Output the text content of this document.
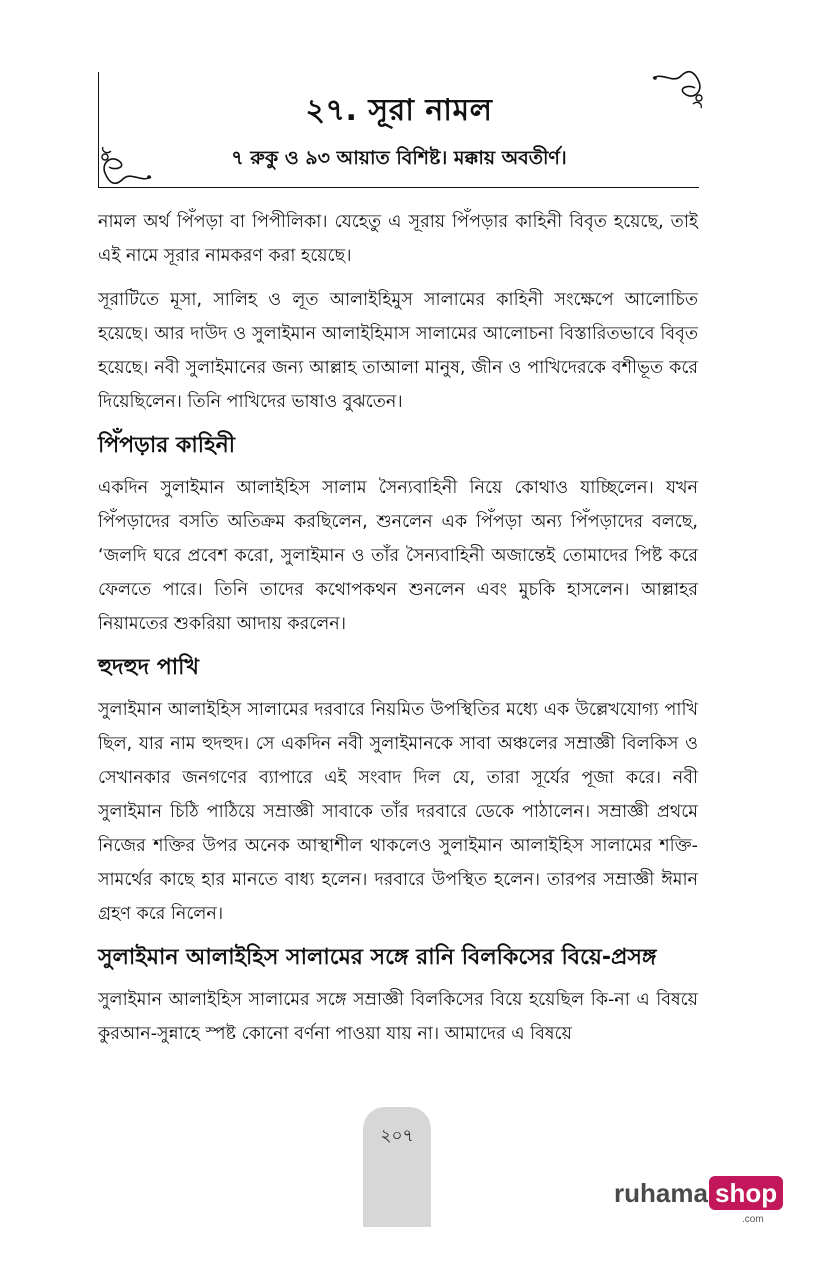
২৭. সূরা নামল
৭ রুকু ও ৯৩ আয়াত বিশিষ্ট। মক্কায় অবতীর্ণ।

নামল অর্থ পিঁপড়া বা পিপীলিকা। যেহেতু এ সূরায় পিঁপড়ার কাহিনী বিবৃত হয়েছে, তাই এই নামে সূরার নামকরণ করা হয়েছে।

সূরাটিতে মূসা, সালিহ ও লূত আলাইহিমুস সালামের কাহিনী সংক্ষেপে আলোচিত হয়েছে। আর দাউদ ও সুলাইমান আলাইহিমাস সালামের আলোচনা বিস্তারিতভাবে বিবৃত হয়েছে। নবী সুলাইমানের জন্য আল্লাহ তাআলা মানুষ, জীন ও পাখিদেরকে বশীভূত করে দিয়েছিলেন। তিনি পাখিদের ভাষাও বুঝতেন।

পিঁপড়ার কাহিনী

একদিন সুলাইমান আলাইহিস সালাম সৈন্যবাহিনী নিয়ে কোথাও যাচ্ছিলেন। যখন পিঁপড়াদের বসতি অতিক্রম করছিলেন, শুনলেন এক পিঁপড়া অন্য পিঁপড়াদের বলছে, ‘জলদি ঘরে প্রবেশ করো, সুলাইমান ও তাঁর সৈন্যবাহিনী অজান্তেই তোমাদের পিষ্ট করে ফেলতে পারে। তিনি তাদের কথোপকথন শুনলেন এবং মুচকি হাসলেন। আল্লাহর নিয়ামতের শুকরিয়া আদায় করলেন।

হুদহুদ পাখি

সুলাইমান আলাইহিস সালামের দরবারে নিয়মিত উপস্থিতির মধ্যে এক উল্লেখযোগ্য পাখি ছিল, যার নাম হুদহুদ। সে একদিন নবী সুলাইমানকে সাবা অঞ্চলের সম্রাজ্ঞী বিলকিস ও সেখানকার জনগণের ব্যাপারে এই সংবাদ দিল যে, তারা সূর্যের পূজা করে। নবী সুলাইমান চিঠি পাঠিয়ে সম্রাজ্ঞী সাবাকে তাঁর দরবারে ডেকে পাঠালেন। সম্রাজ্ঞী প্রথমে নিজের শক্তির উপর অনেক আস্থাশীল থাকলেও সুলাইমান আলাইহিস সালামের শক্তি-সামর্থের কাছে হার মানতে বাধ্য হলেন। দরবারে উপস্থিত হলেন। তারপর সম্রাজ্ঞী ঈমান গ্রহণ করে নিলেন।

সুলাইমান আলাইহিস সালামের সঙ্গে রানি বিলকিসের বিয়ে-প্রসঙ্গ

সুলাইমান আলাইহিস সালামের সঙ্গে সম্রাজ্ঞী বিলকিসের বিয়ে হয়েছিল কি-না এ বিষয়ে কুরআন-সুন্নাহে স্পষ্ট কোনো বর্ণনা পাওয়া যায় না। আমাদের এ বিষয়ে

২০৭
ruhama shop
.com
